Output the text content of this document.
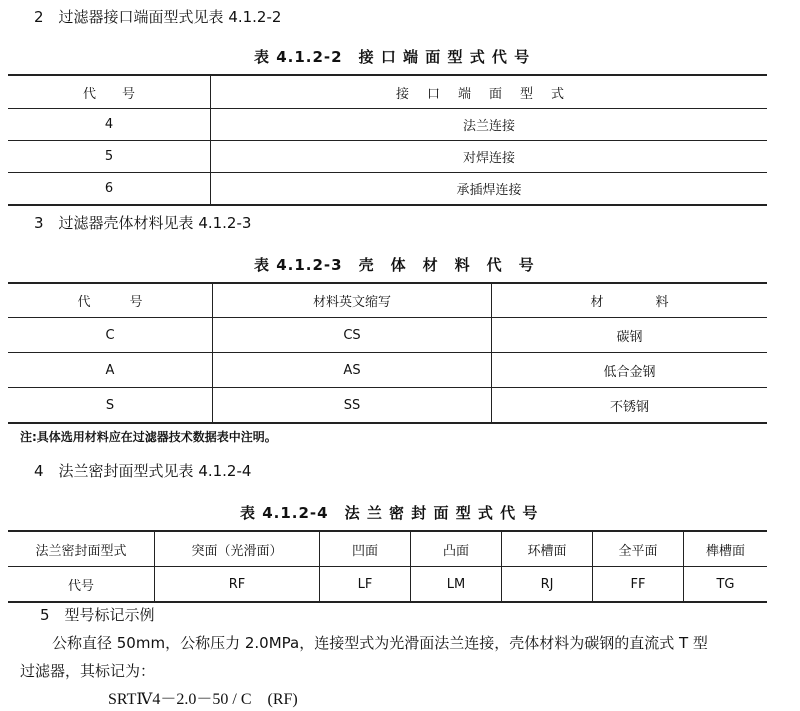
2　过滤器接口端面型式见表 4.1.2-2
表 4.1.2-2　接 口 端 面 型 式 代 号
代　　号	接口端面型式
4	法兰连接
5	对焊连接
6	承插焊连接
3　过滤器壳体材料见表 4.1.2-3
表 4.1.2-3　壳　体　材　料　代　号
代　　　号	材料英文缩写	材　　　　料
C	CS	碳钢
A	AS	低合金钢
S	SS	不锈钢
注:具体选用材料应在过滤器技术数据表中注明。
4　法兰密封面型式见表 4.1.2-4
表 4.1.2-4　法 兰 密 封 面 型 式 代 号
法兰密封面型式	突面（光滑面）	凹面	凸面	环槽面	全平面	榫槽面
代号	RF	LF	LM	RJ	FF	TG
5　型号标记示例
公称直径 50mm，公称压力 2.0MPa，连接型式为光滑面法兰连接，壳体材料为碳钢的直流式 T 型
过滤器，其标记为：
SRTⅣ4－2.0－50 / C　(RF)
